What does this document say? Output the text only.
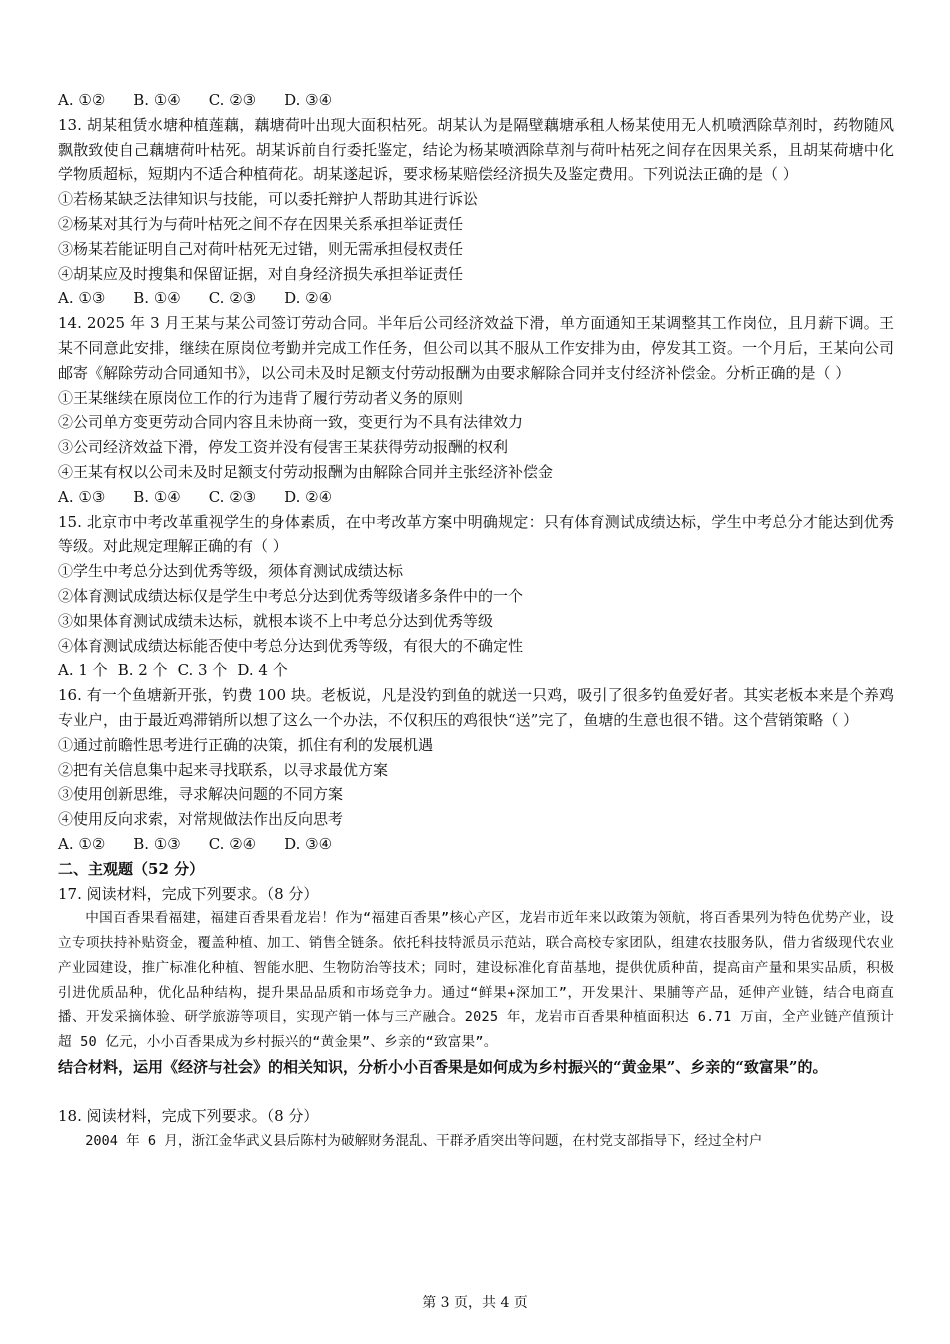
A. ①② B. ①④ C. ②③ D. ③④
13. 胡某租赁水塘种植莲藕，藕塘荷叶出现大面积枯死。胡某认为是隔壁藕塘承租人杨某使用无人机喷洒除草剂时，药物随风飘散致使自己藕塘荷叶枯死。胡某诉前自行委托鉴定，结论为杨某喷洒除草剂与荷叶枯死之间存在因果关系，且胡某荷塘中化学物质超标，短期内不适合种植荷花。胡某遂起诉，要求杨某赔偿经济损失及鉴定费用。下列说法正确的是（ ）
①若杨某缺乏法律知识与技能，可以委托辩护人帮助其进行诉讼
②杨某对其行为与荷叶枯死之间不存在因果关系承担举证责任
③杨某若能证明自己对荷叶枯死无过错，则无需承担侵权责任
④胡某应及时搜集和保留证据，对自身经济损失承担举证责任
A. ①③ B. ①④ C. ②③ D. ②④
14. 2025 年 3 月王某与某公司签订劳动合同。半年后公司经济效益下滑，单方面通知王某调整其工作岗位，且月薪下调。王某不同意此安排，继续在原岗位考勤并完成工作任务，但公司以其不服从工作安排为由，停发其工资。一个月后，王某向公司邮寄《解除劳动合同通知书》，以公司未及时足额支付劳动报酬为由要求解除合同并支付经济补偿金。分析正确的是（ ）
①王某继续在原岗位工作的行为违背了履行劳动者义务的原则
②公司单方变更劳动合同内容且未协商一致，变更行为不具有法律效力
③公司经济效益下滑，停发工资并没有侵害王某获得劳动报酬的权利
④王某有权以公司未及时足额支付劳动报酬为由解除合同并主张经济补偿金
A. ①③ B. ①④ C. ②③ D. ②④
15. 北京市中考改革重视学生的身体素质，在中考改革方案中明确规定：只有体育测试成绩达标，学生中考总分才能达到优秀等级。对此规定理解正确的有（ ）
①学生中考总分达到优秀等级，须体育测试成绩达标
②体育测试成绩达标仅是学生中考总分达到优秀等级诸多条件中的一个
③如果体育测试成绩未达标，就根本谈不上中考总分达到优秀等级
④体育测试成绩达标能否使中考总分达到优秀等级，有很大的不确定性
A. 1 个 B. 2 个 C. 3 个 D. 4 个
16. 有一个鱼塘新开张，钓费 100 块。老板说，凡是没钓到鱼的就送一只鸡，吸引了很多钓鱼爱好者。其实老板本来是个养鸡专业户，由于最近鸡滞销所以想了这么一个办法，不仅积压的鸡很快“送”完了，鱼塘的生意也很不错。这个营销策略（ ）
①通过前瞻性思考进行正确的决策，抓住有利的发展机遇
②把有关信息集中起来寻找联系，以寻求最优方案
③使用创新思维，寻求解决问题的不同方案
④使用反向求索，对常规做法作出反向思考
A. ①② B. ①③ C. ②④ D. ③④
二、主观题（52 分）
17. 阅读材料，完成下列要求。（8 分）
中国百香果看福建，福建百香果看龙岩！作为“福建百香果”核心产区，龙岩市近年来以政策为领航，将百香果列为特色优势产业，设立专项扶持补贴资金，覆盖种植、加工、销售全链条。依托科技特派员示范站，联合高校专家团队，组建农技服务队，借力省级现代农业产业园建设，推广标准化种植、智能水肥、生物防治等技术；同时，建设标准化育苗基地，提供优质种苗，提高亩产量和果实品质，积极引进优质品种，优化品种结构，提升果品品质和市场竞争力。通过“鲜果+深加工”，开发果汁、果脯等产品，延伸产业链，结合电商直播、开发采摘体验、研学旅游等项目，实现产销一体与三产融合。2025 年，龙岩市百香果种植面积达 6.71 万亩，全产业链产值预计超 50 亿元，小小百香果成为乡村振兴的“黄金果”、乡亲的“致富果”。
结合材料，运用《经济与社会》的相关知识，分析小小百香果是如何成为乡村振兴的“黄金果”、乡亲的“致富果”的。
18. 阅读材料，完成下列要求。（8 分）
2004 年 6 月，浙江金华武义县后陈村为破解财务混乱、干群矛盾突出等问题，在村党支部指导下，经过全村户
第 3 页，共 4 页
